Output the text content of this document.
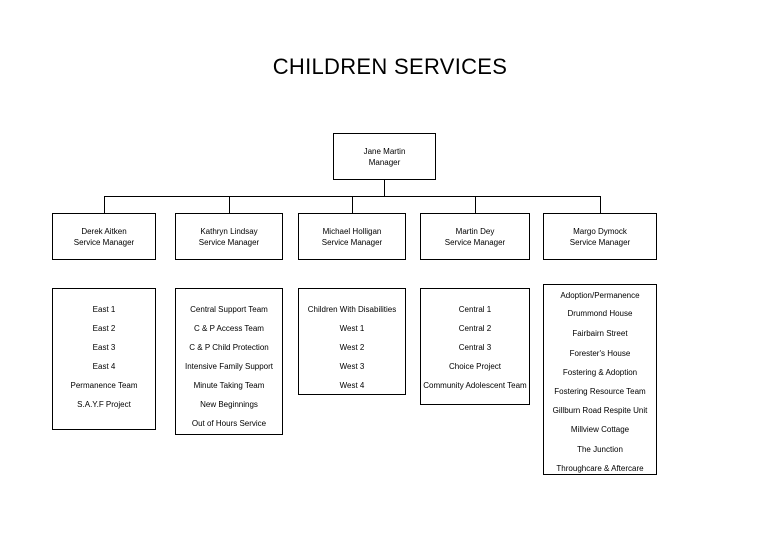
CHILDREN SERVICES
Jane Martin
Manager
Derek Aitken
Service Manager
Kathryn Lindsay
Service Manager
Michael Holligan
Service Manager
Martin Dey
Service Manager
Margo Dymock
Service Manager
East 1
East 2
East 3
East 4
Permanence Team
S.A.Y.F Project
Central Support Team
C & P Access Team
C & P Child Protection
Intensive Family Support
Minute Taking Team
New Beginnings
Out of Hours Service
Children With Disabilities
West 1
West 2
West 3
West 4
Central 1
Central 2
Central 3
Choice Project
Community Adolescent Team
Adoption/Permanence
Drummond House
Fairbairn Street
Forester's House
Fostering & Adoption
Fostering Resource Team
Gillburn Road Respite Unit
Millview Cottage
The Junction
Throughcare & Aftercare
